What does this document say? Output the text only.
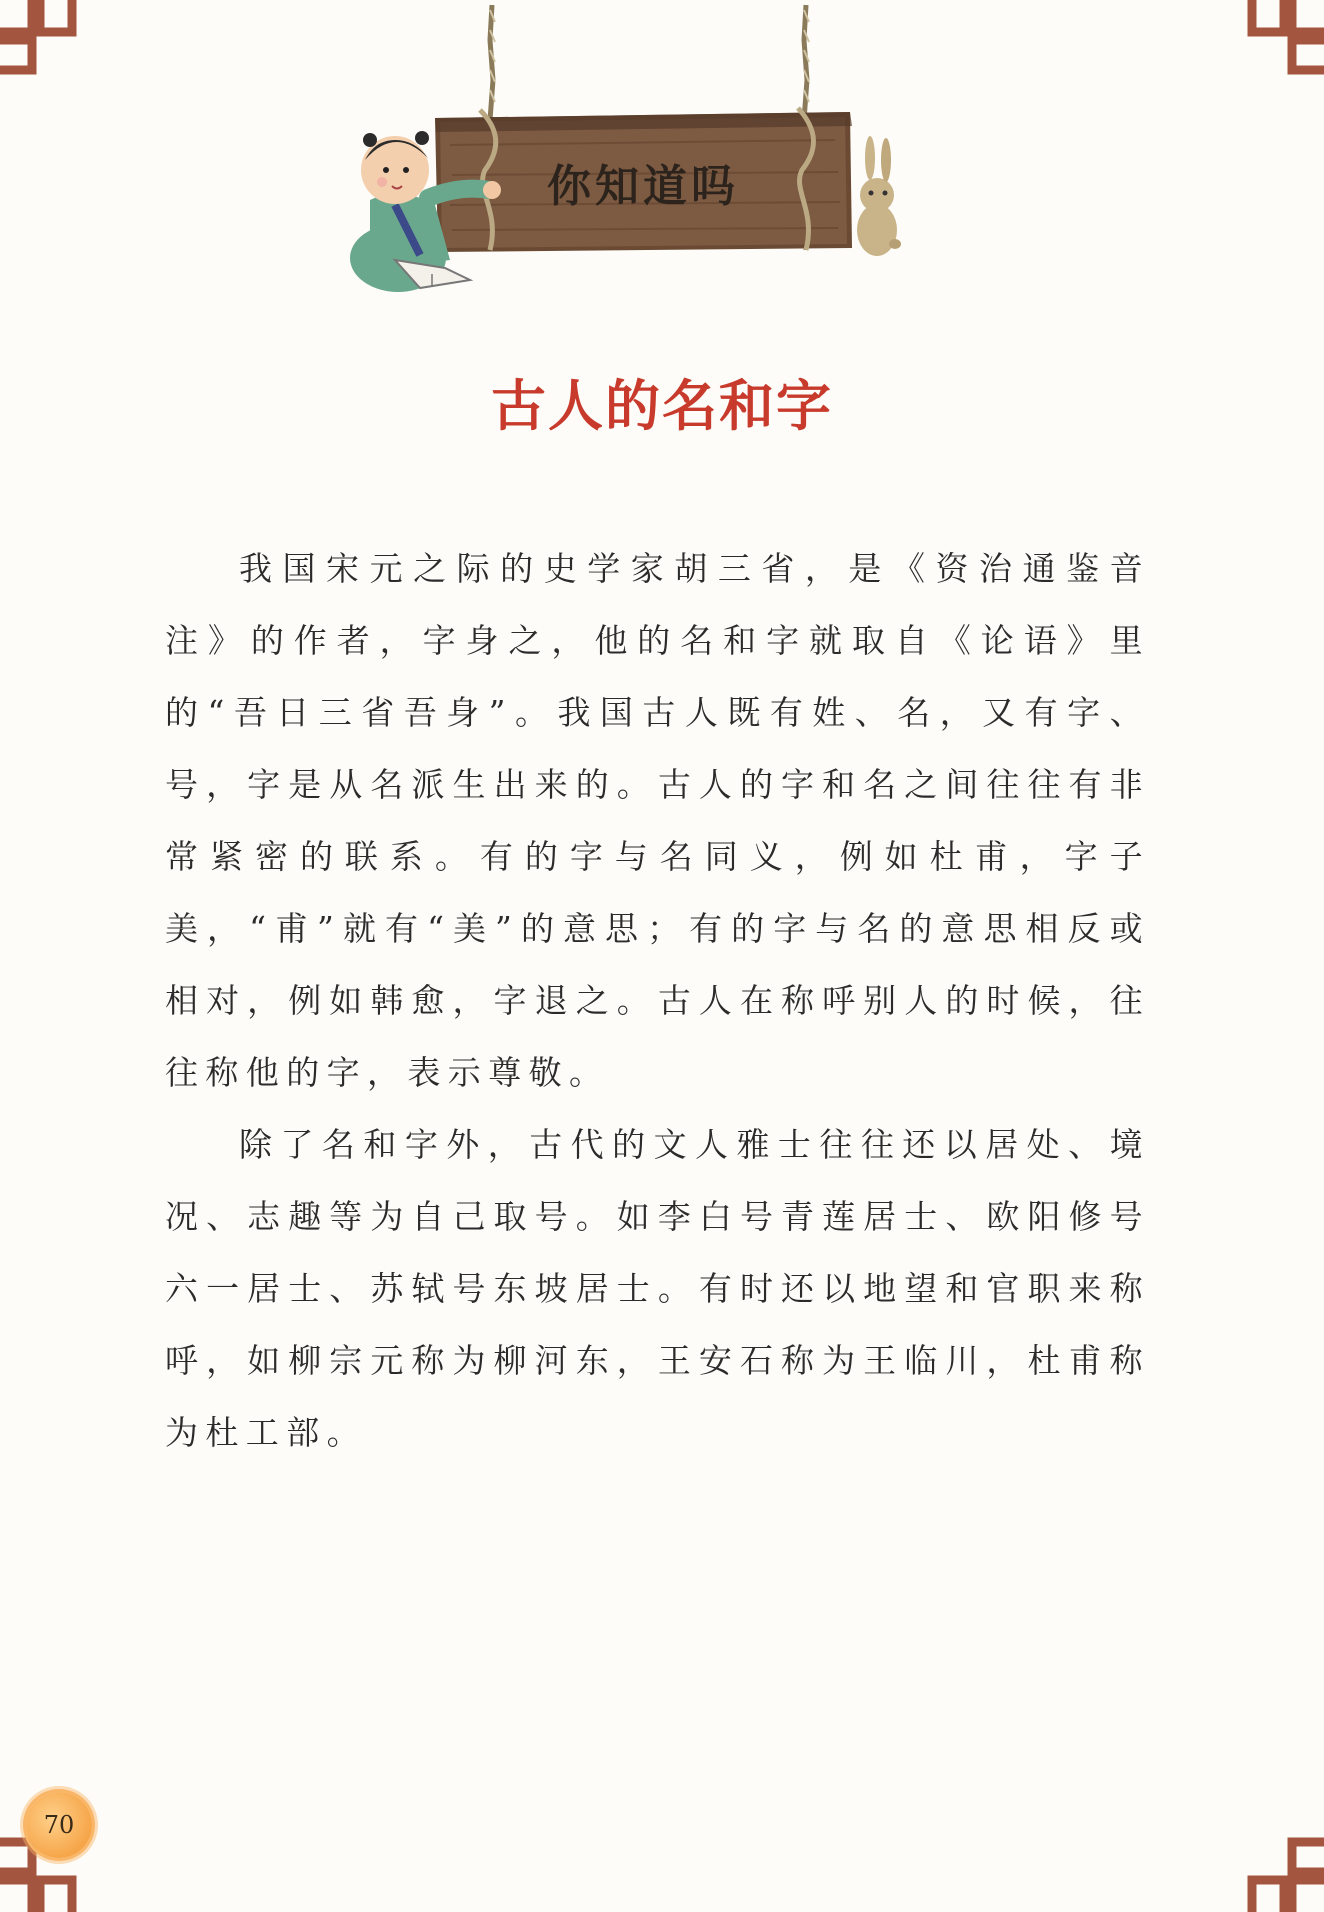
你知道吗
古人的名和字

我国宋元之际的史学家胡三省，是《资治通鉴音注》的作者，字身之，他的名和字就取自《论语》里的“吾日三省吾身”。我国古人既有姓、名，又有字、号，字是从名派生出来的。古人的字和名之间往往有非常紧密的联系。有的字与名同义，例如杜甫，字子美，“甫”就有“美”的意思；有的字与名的意思相反或相对，例如韩愈，字退之。古人在称呼别人的时候，往往称他的字，表示尊敬。

除了名和字外，古代的文人雅士往往还以居处、境况、志趣等为自己取号。如李白号青莲居士、欧阳修号六一居士、苏轼号东坡居士。有时还以地望和官职来称呼，如柳宗元称为柳河东，王安石称为王临川，杜甫称为杜工部。

70
